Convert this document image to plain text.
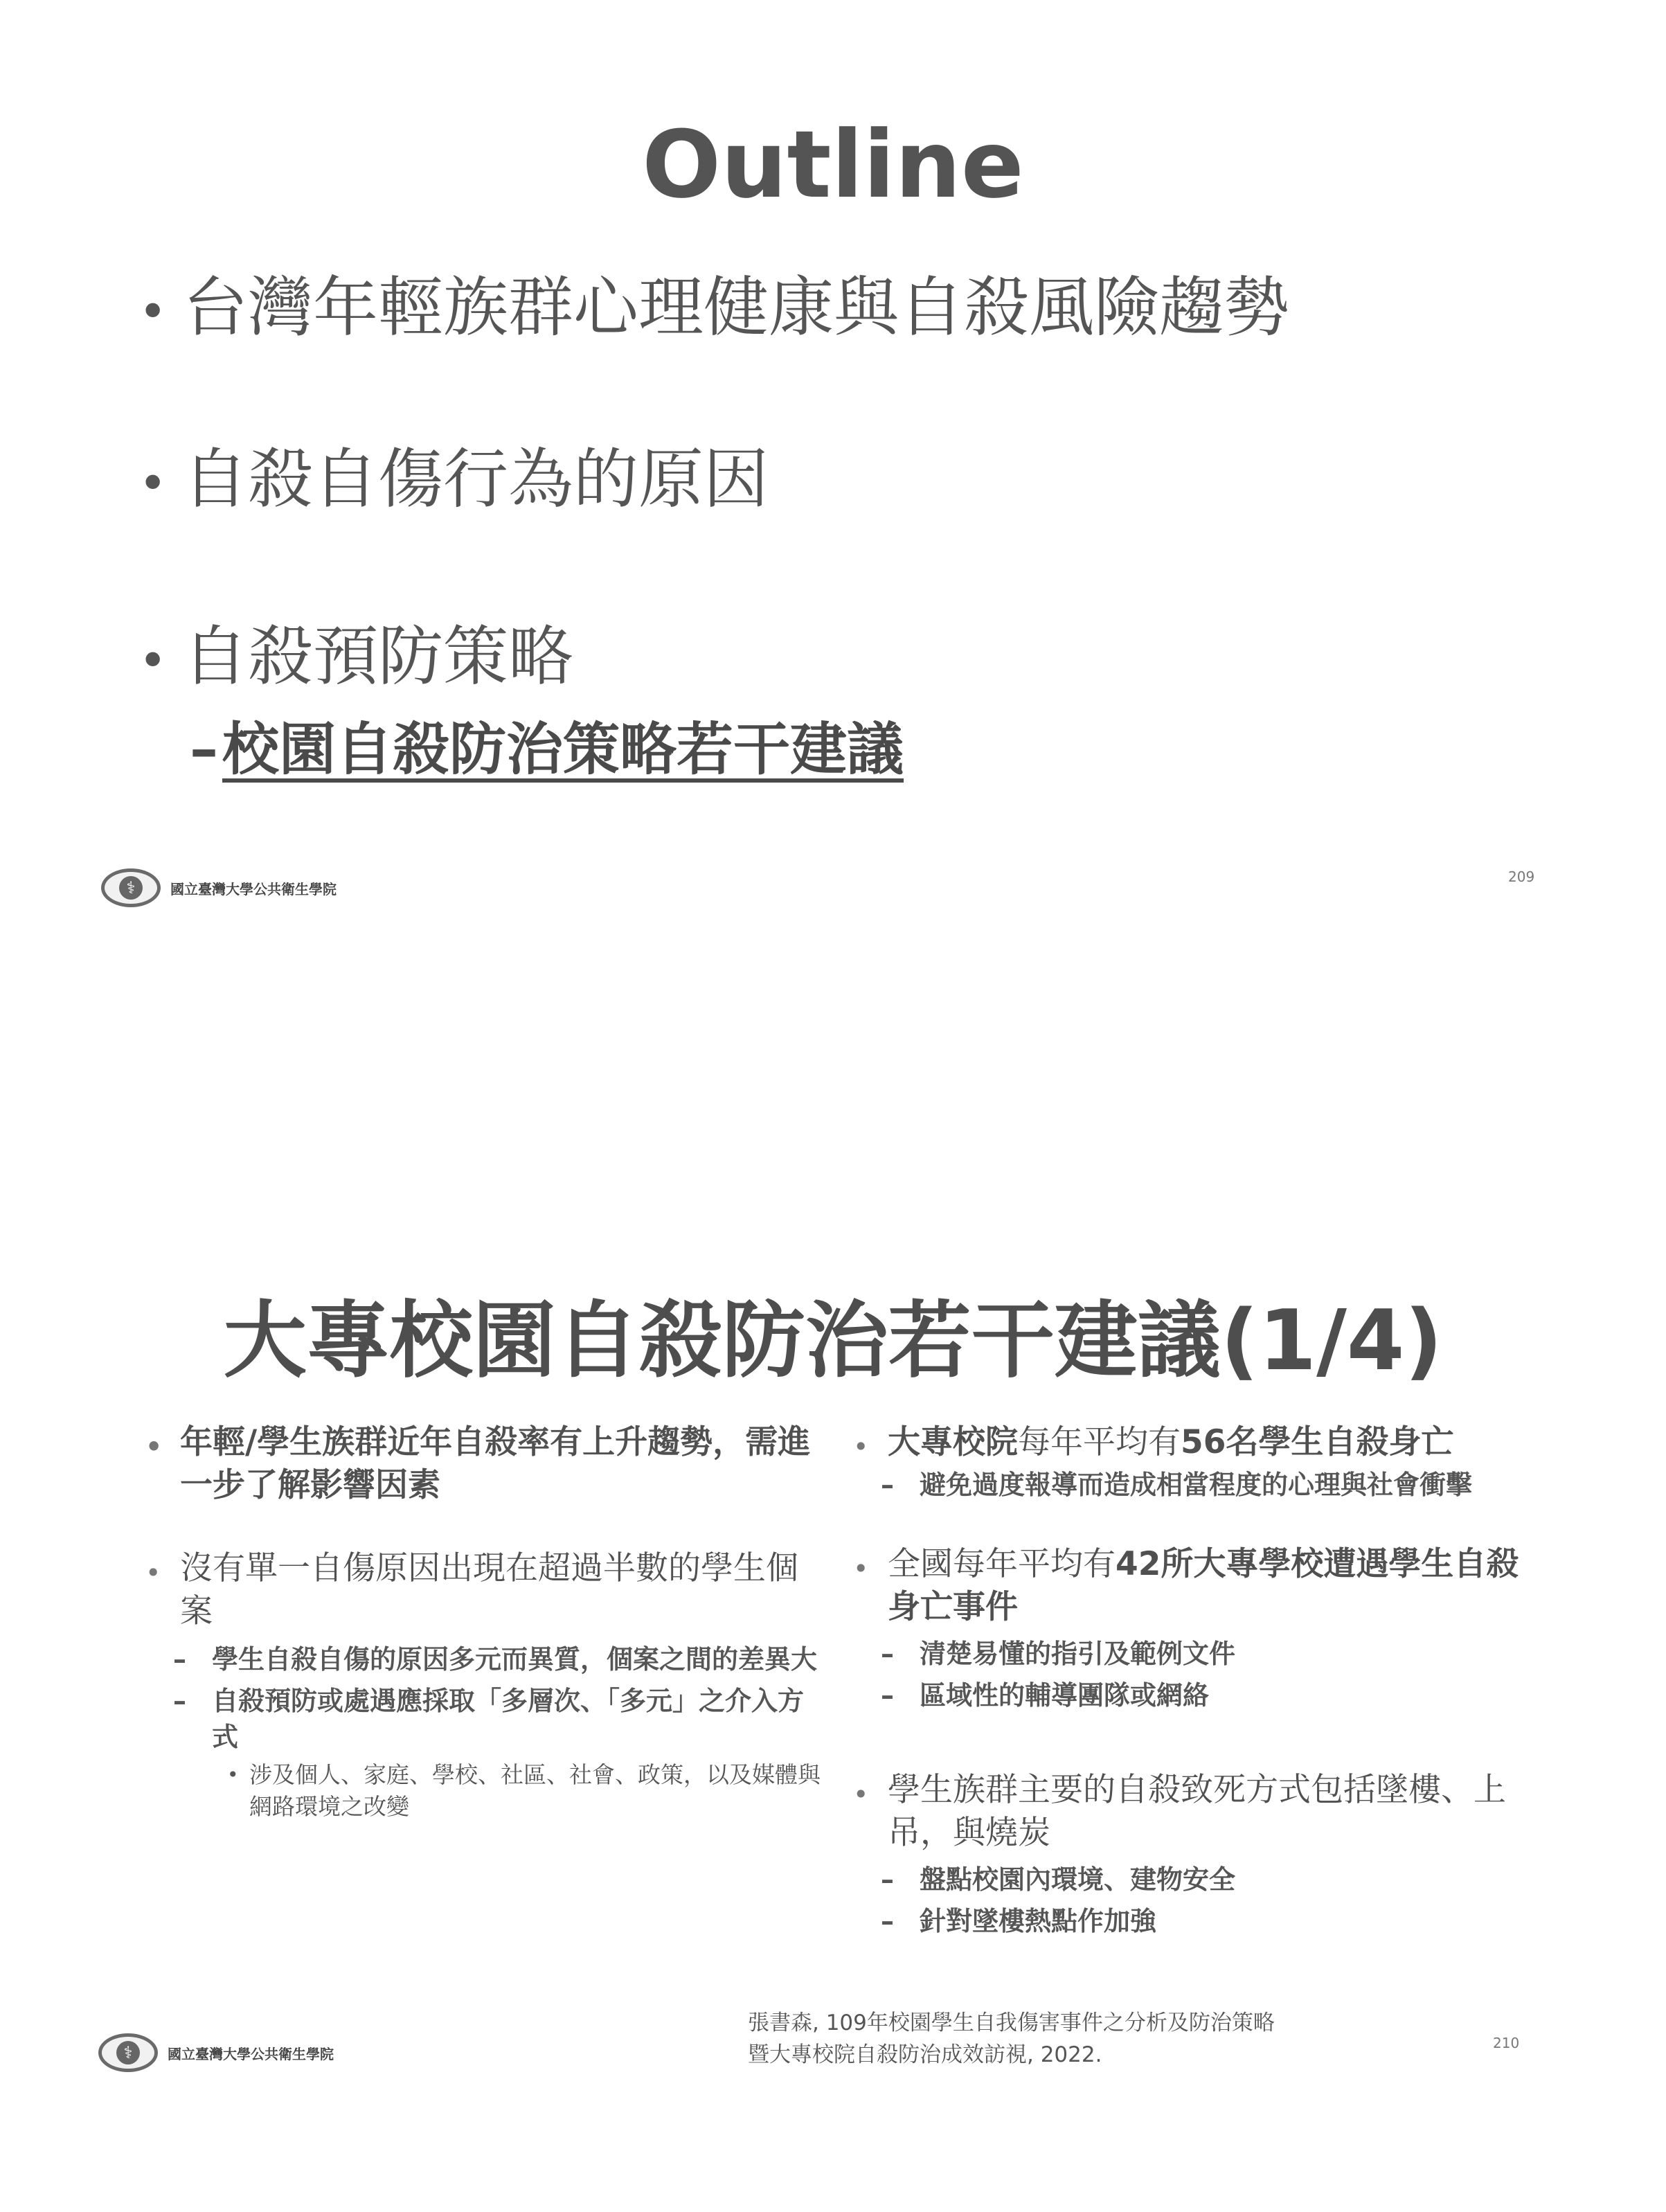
Outline
• 台灣年輕族群心理健康與自殺風險趨勢
• 自殺自傷行為的原因
• 自殺預防策略
–校園自殺防治策略若干建議
⚕	國立臺灣大學公共衛生學院
209
大專校園自殺防治若干建議(1/4)
• 年輕/學生族群近年自殺率有上升趨勢，需進一步了解影響因素
• 沒有單一自傷原因出現在超過半數的學生個案
– 學生自殺自傷的原因多元而異質，個案之間的差異大
– 自殺預防或處遇應採取「多層次、「多元」之介入方式
• 涉及個人、家庭、學校、社區、社會、政策，以及媒體與網路環境之改變
• 大專校院每年平均有56名學生自殺身亡
– 避免過度報導而造成相當程度的心理與社會衝擊
• 全國每年平均有42所大專學校遭遇學生自殺身亡事件
– 清楚易懂的指引及範例文件
– 區域性的輔導團隊或網絡
• 學生族群主要的自殺致死方式包括墜樓、上吊，與燒炭
– 盤點校園內環境、建物安全
– 針對墜樓熱點作加強
張書森, 109年校園學生自我傷害事件之分析及防治策略
暨大專校院自殺防治成效訪視, 2022.
⚕	國立臺灣大學公共衛生學院
210
